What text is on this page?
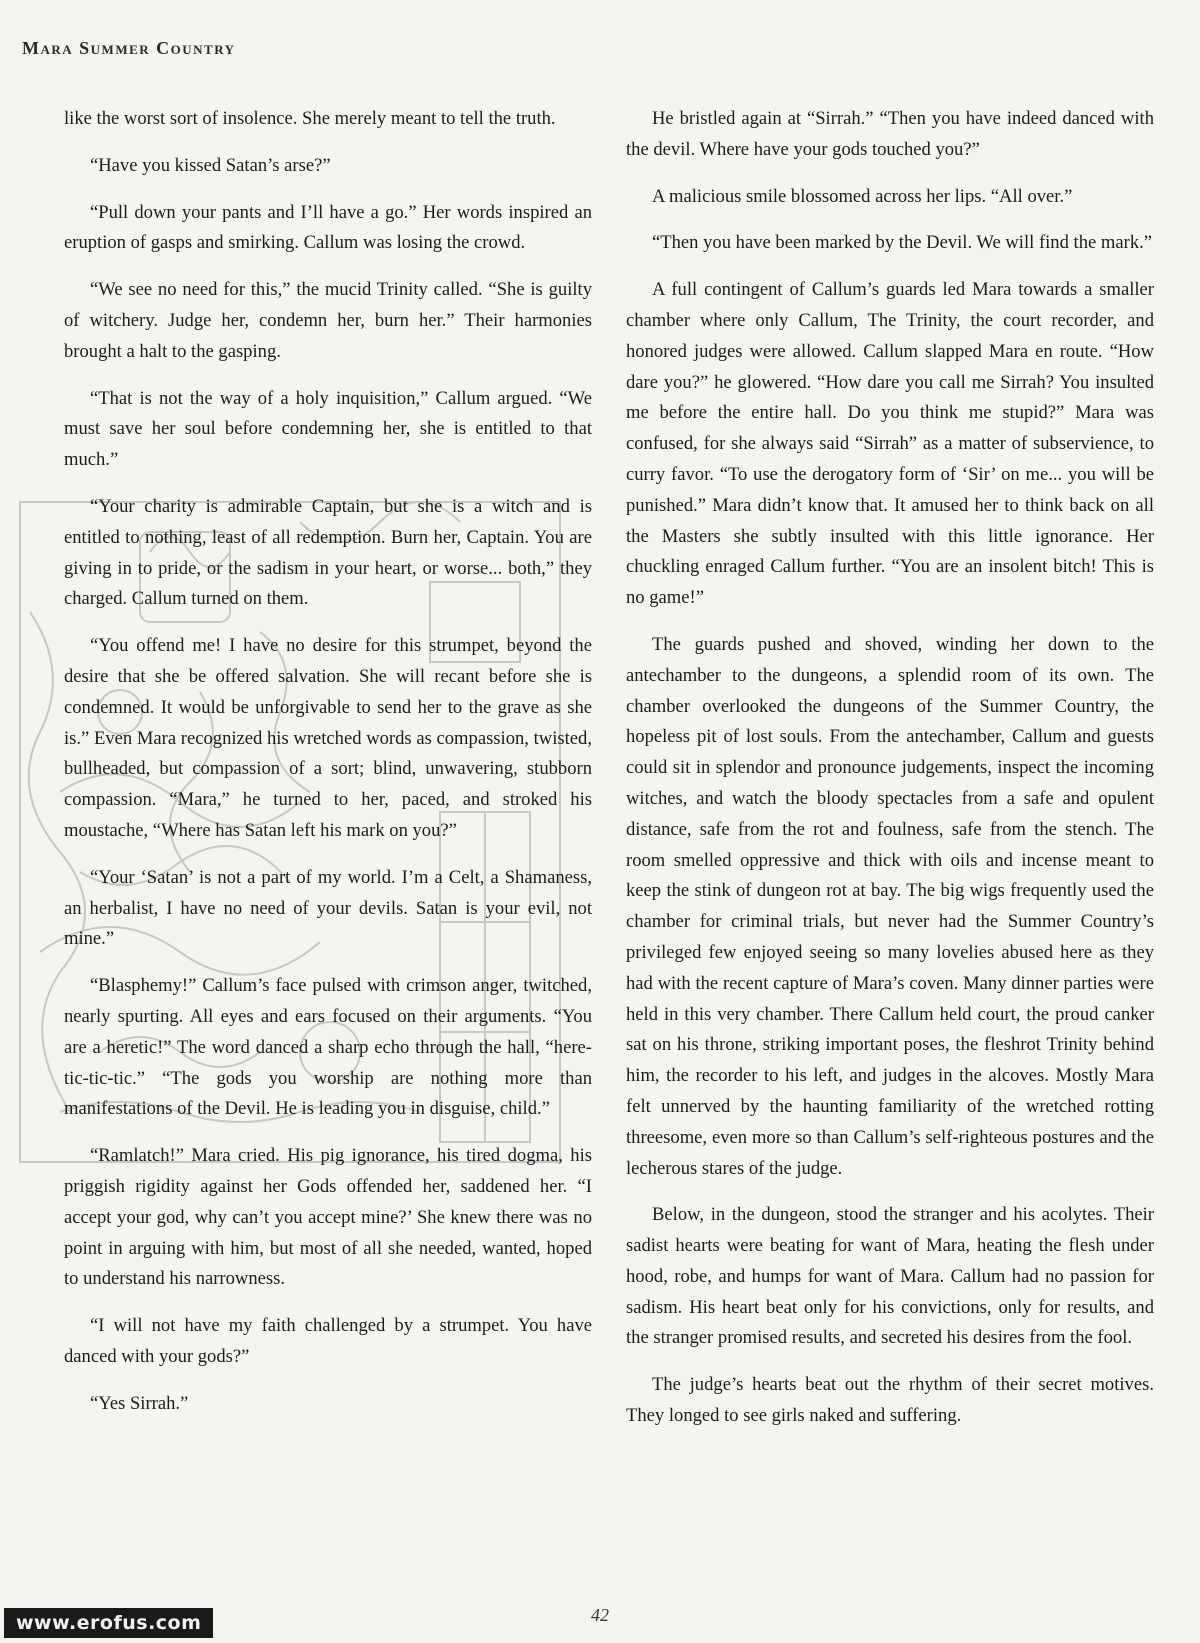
Mara Summer Country

like the worst sort of insolence. She merely meant to tell the truth.

“Have you kissed Satan’s arse?”

“Pull down your pants and I’ll have a go.” Her words inspired an eruption of gasps and smirking. Callum was losing the crowd.

“We see no need for this,” the mucid Trinity called. “She is guilty of witchery. Judge her, condemn her, burn her.” Their harmonies brought a halt to the gasping.

“That is not the way of a holy inquisition,” Callum argued. “We must save her soul before condemning her, she is entitled to that much.”

“Your charity is admirable Captain, but she is a witch and is entitled to nothing, least of all redemption. Burn her, Captain. You are giving in to pride, or the sadism in your heart, or worse... both,” they charged. Callum turned on them.

“You offend me! I have no desire for this strumpet, beyond the desire that she be offered salvation. She will recant before she is condemned. It would be unforgivable to send her to the grave as she is.” Even Mara recognized his wretched words as compassion, twisted, bullheaded, but compassion of a sort; blind, unwavering, stubborn compassion. “Mara,” he turned to her, paced, and stroked his moustache, “Where has Satan left his mark on you?”

“Your ‘Satan’ is not a part of my world. I’m a Celt, a Shamaness, an herbalist, I have no need of your devils. Satan is your evil, not mine.”

“Blasphemy!” Callum’s face pulsed with crimson anger, twitched, nearly spurting. All eyes and ears focused on their arguments. “You are a heretic!” The word danced a sharp echo through the hall, “here-tic-tic-tic.” “The gods you worship are nothing more than manifestations of the Devil. He is leading you in disguise, child.”

“Ramlatch!” Mara cried. His pig ignorance, his tired dogma, his priggish rigidity against her Gods offended her, saddened her. “I accept your god, why can’t you accept mine?’ She knew there was no point in arguing with him, but most of all she needed, wanted, hoped to understand his narrowness.

“I will not have my faith challenged by a strumpet. You have danced with your gods?”

“Yes Sirrah.”

He bristled again at “Sirrah.” “Then you have indeed danced with the devil. Where have your gods touched you?”

A malicious smile blossomed across her lips. “All over.”

“Then you have been marked by the Devil. We will find the mark.”

A full contingent of Callum’s guards led Mara towards a smaller chamber where only Callum, The Trinity, the court recorder, and honored judges were allowed. Callum slapped Mara en route. “How dare you?” he glowered. “How dare you call me Sirrah? You insulted me before the entire hall. Do you think me stupid?” Mara was confused, for she always said “Sirrah” as a matter of subservience, to curry favor. “To use the derogatory form of ‘Sir’ on me... you will be punished.” Mara didn’t know that. It amused her to think back on all the Masters she subtly insulted with this little ignorance. Her chuckling enraged Callum further. “You are an insolent bitch! This is no game!”

The guards pushed and shoved, winding her down to the antechamber to the dungeons, a splendid room of its own. The chamber overlooked the dungeons of the Summer Country, the hopeless pit of lost souls. From the antechamber, Callum and guests could sit in splendor and pronounce judgements, inspect the incoming witches, and watch the bloody spectacles from a safe and opulent distance, safe from the rot and foulness, safe from the stench. The room smelled oppressive and thick with oils and incense meant to keep the stink of dungeon rot at bay. The big wigs frequently used the chamber for criminal trials, but never had the Summer Country’s privileged few enjoyed seeing so many lovelies abused here as they had with the recent capture of Mara’s coven. Many dinner parties were held in this very chamber. There Callum held court, the proud canker sat on his throne, striking important poses, the fleshrot Trinity behind him, the recorder to his left, and judges in the alcoves. Mostly Mara felt unnerved by the haunting familiarity of the wretched rotting threesome, even more so than Callum’s self-righteous postures and the lecherous stares of the judge.

Below, in the dungeon, stood the stranger and his acolytes. Their sadist hearts were beating for want of Mara, heating the flesh under hood, robe, and humps for want of Mara. Callum had no passion for sadism. His heart beat only for his convictions, only for results, and the stranger promised results, and secreted his desires from the fool.

The judge’s hearts beat out the rhythm of their secret motives. They longed to see girls naked and suffering.

42
www.erofus.com
